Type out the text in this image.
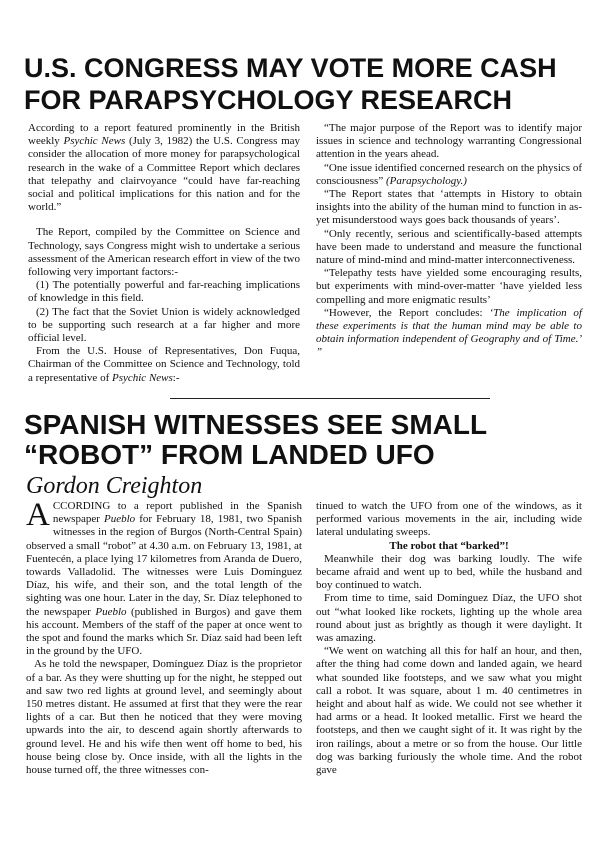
U.S. CONGRESS MAY VOTE MORE CASH
FOR PARAPSYCHOLOGY RESEARCH

According to a report featured prominently in the British weekly Psychic News (July 3, 1982) the U.S. Congress may consider the allocation of more money for parapsychological research in the wake of a Committee Report which declares that telepathy and clairvoyance “could have far-reaching social and political implications for this nation and for the world.”

The Report, compiled by the Committee on Science and Technology, says Congress might wish to undertake a serious assessment of the American research effort in view of the two following very important factors:-

(1) The potentially powerful and far-reaching implications of knowledge in this field.

(2) The fact that the Soviet Union is widely acknowledged to be supporting such research at a far higher and more official level.

From the U.S. House of Representatives, Don Fuqua, Chairman of the Committee on Science and Technology, told a representative of Psychic News:-

“The major purpose of the Report was to identify major issues in science and technology warranting Congressional attention in the years ahead.

“One issue identified concerned research on the physics of consciousness” (Parapsychology.)

“The Report states that ‘attempts in History to obtain insights into the ability of the human mind to function in as-yet misunderstood ways goes back thousands of years’.

“Only recently, serious and scientifically-based attempts have been made to understand and measure the functional nature of mind-mind and mind-matter interconnectiveness.

“Telepathy tests have yielded some encouraging results, but experiments with mind-over-matter ‘have yielded less compelling and more enigmatic results’

“However, the Report concludes: ‘The implication of these experiments is that the human mind may be able to obtain information independent of Geography and of Time.’ ”

SPANISH WITNESSES SEE SMALL
“ROBOT” FROM LANDED UFO
Gordon Creighton

ACCORDING to a report published in the Spanish newspaper Pueblo for February 18, 1981, two Spanish witnesses in the region of Burgos (North-Central Spain) observed a small “robot” at 4.30 a.m. on February 13, 1981, at Fuentecén, a place lying 17 kilometres from Aranda de Duero, towards Valladolid. The witnesses were Luis Domínguez Díaz, his wife, and their son, and the total length of the sighting was one hour. Later in the day, Sr. Díaz telephoned to the newspaper Pueblo (published in Burgos) and gave them his account. Members of the staff of the paper at once went to the spot and found the marks which Sr. Díaz said had been left in the ground by the UFO.

As he told the newspaper, Domínguez Díaz is the proprietor of a bar. As they were shutting up for the night, he stepped out and saw two red lights at ground level, and seemingly about 150 metres distant. He assumed at first that they were the rear lights of a car. But then he noticed that they were moving upwards into the air, to descend again shortly afterwards to ground level. He and his wife then went off home to bed, his house being close by. Once inside, with all the lights in the house turned off, the three witnesses con-

tinued to watch the UFO from one of the windows, as it performed various movements in the air, including wide lateral undulating sweeps.

The robot that “barked”!

Meanwhile their dog was barking loudly. The wife became afraid and went up to bed, while the husband and boy continued to watch.

From time to time, said Domínguez Díaz, the UFO shot out “what looked like rockets, lighting up the whole area round about just as brightly as though it were daylight. It was amazing.

“We went on watching all this for half an hour, and then, after the thing had come down and landed again, we heard what sounded like footsteps, and we saw what you might call a robot. It was square, about 1 m. 40 centimetres in height and about half as wide. We could not see whether it had arms or a head. It looked metallic. First we heard the footsteps, and then we caught sight of it. It was right by the iron railings, about a metre or so from the house. Our little dog was barking furiously the whole time. And the robot gave
